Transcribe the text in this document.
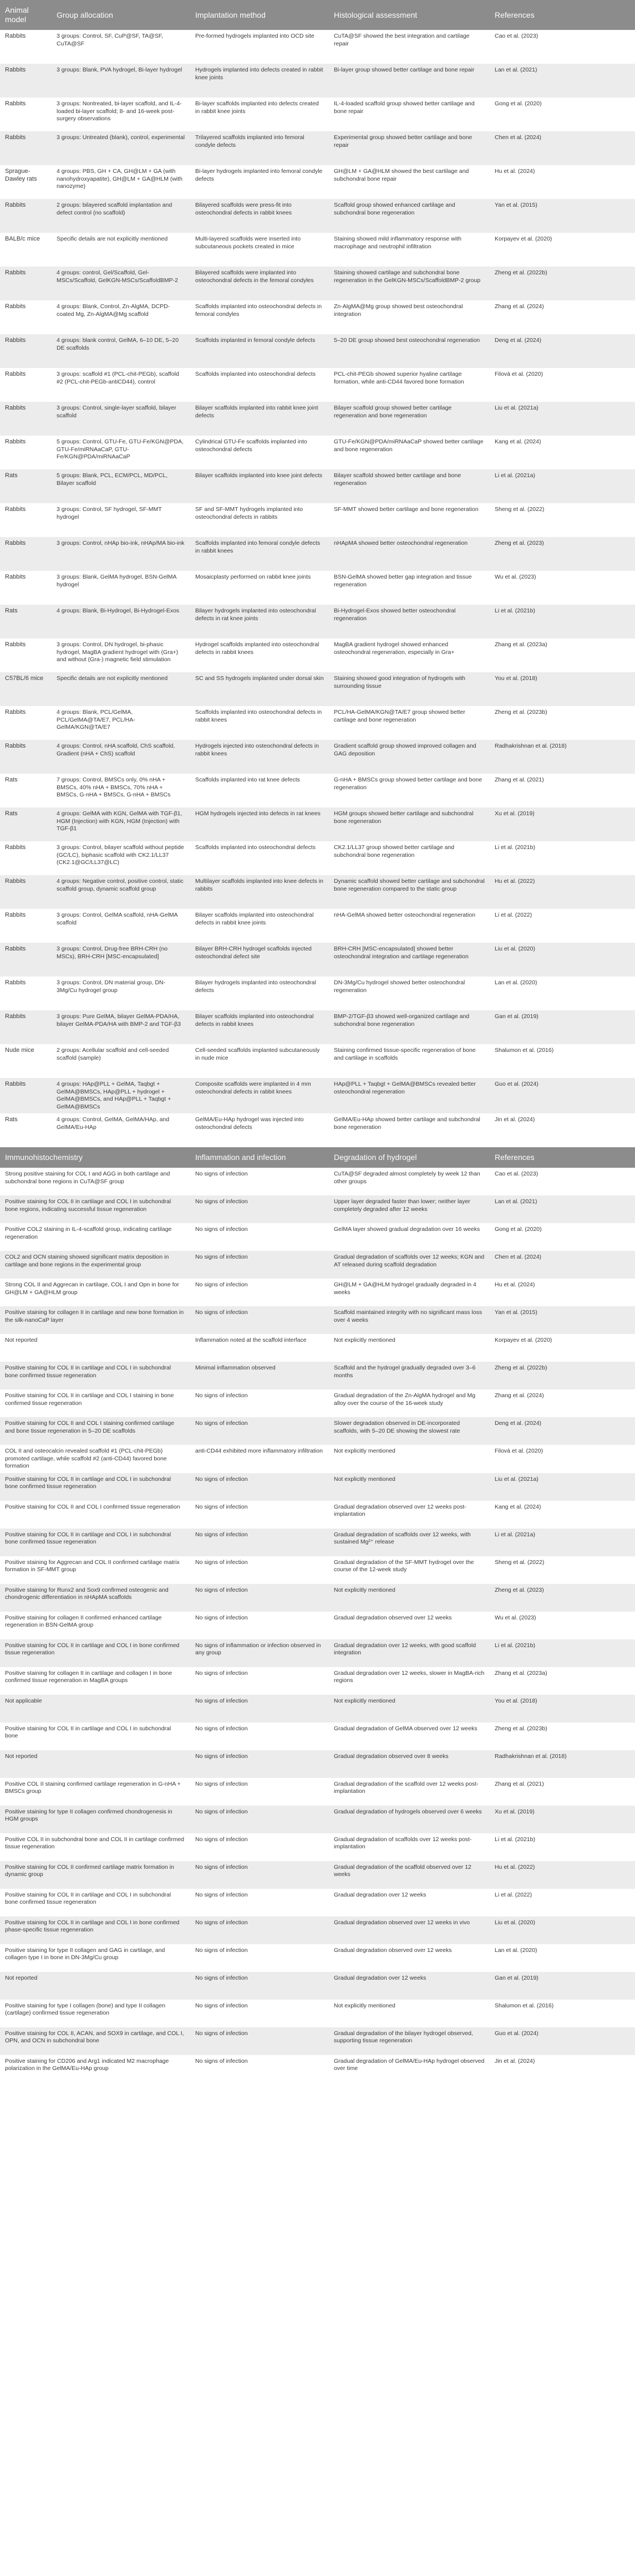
Animal model	Group allocation	Implantation method	Histological assessment	References
Rabbits	3 groups: Control, SF, CuP@SF, TA@SF, CuTA@SF	Pre-formed hydrogels implanted into OCD site	CuTA@SF showed the best integration and cartilage repair	Cao et al. (2023)
Rabbits	3 groups: Blank, PVA hydrogel, Bi-layer hydrogel	Hydrogels implanted into defects created in rabbit knee joints	Bi-layer group showed better cartilage and bone repair	Lan et al. (2021)
Rabbits	3 groups: Nontreated, bi-layer scaffold, and IL-4-loaded bi-layer scaffold; 8- and 16-week post-surgery observations	Bi-layer scaffolds implanted into defects created in rabbit knee joints	IL-4-loaded scaffold group showed better cartilage and bone repair	Gong et al. (2020)
Rabbits	3 groups: Untreated (blank), control, experimental	Trilayered scaffolds implanted into femoral condyle defects	Experimental group showed better cartilage and bone repair	Chen et al. (2024)
Sprague-Dawley rats	4 groups: PBS, GH + CA, GH@LM + GA (with nanohydroxyapatite), GH@LM + GA@HLM (with nanozyme)	Bi-layer hydrogels implanted into femoral condyle defects	GH@LM + GA@HLM showed the best cartilage and subchondral bone repair	Hu et al. (2024)
Rabbits	2 groups: bilayered scaffold implantation and defect control (no scaffold)	Bilayered scaffolds were press-fit into osteochondral defects in rabbit knees	Scaffold group showed enhanced cartilage and subchondral bone regeneration	Yan et al. (2015)
BALB/c mice	Specific details are not explicitly mentioned	Multi-layered scaffolds were inserted into subcutaneous pockets created in mice	Staining showed mild inflammatory response with macrophage and neutrophil infiltration	Korpayev et al. (2020)
Rabbits	4 groups: control, Gel/Scaffold, Gel-MSCs/Scaffold, GelKGN-MSCs/ScaffoldBMP-2	Bilayered scaffolds were implanted into osteochondral defects in the femoral condyles	Staining showed cartilage and subchondral bone regeneration in the GelKGN-MSCs/ScaffoldBMP-2 group	Zheng et al. (2022b)
Rabbits	4 groups: Blank, Control, Zn-AlgMA, DCPD-coated Mg, Zn-AlgMA@Mg scaffold	Scaffolds implanted into osteochondral defects in femoral condyles	Zn-AlgMA@Mg group showed best osteochondral integration	Zhang et al. (2024)
Rabbits	4 groups: blank control, GelMA, 6–10 DE, 5–20 DE scaffolds	Scaffolds implanted in femoral condyle defects	5–20 DE group showed best osteochondral regeneration	Deng et al. (2024)
Rabbits	3 groups: scaffold #1 (PCL-chit-PEGb), scaffold #2 (PCL-chit-PEGb-antiCD44), control	Scaffolds implanted into osteochondral defects	PCL-chit-PEGb showed superior hyaline cartilage formation, while anti-CD44 favored bone formation	Filová et al. (2020)
Rabbits	3 groups: Control, single-layer scaffold, bilayer scaffold	Bilayer scaffolds implanted into rabbit knee joint defects	Bilayer scaffold group showed better cartilage regeneration and bone regeneration	Liu et al. (2021a)
Rabbits	5 groups: Control, GTU-Fe, GTU-Fe/KGN@PDA, GTU-Fe/miRNAaCaP, GTU-Fe/KGN@PDA/miRNAaCaP	Cylindrical GTU-Fe scaffolds implanted into osteochondral defects	GTU-Fe/KGN@PDA/miRNAaCaP showed better cartilage and bone regeneration	Kang et al. (2024)
Rats	5 groups: Blank, PCL, ECM/PCL, MD/PCL, Bilayer scaffold	Bilayer scaffolds implanted into knee joint defects	Bilayer scaffold showed better cartilage and bone regeneration	Li et al. (2021a)
Rabbits	3 groups: Control, SF hydrogel, SF-MMT hydrogel	SF and SF-MMT hydrogels implanted into osteochondral defects in rabbits	SF-MMT showed better cartilage and bone regeneration	Sheng et al. (2022)
Rabbits	3 groups: Control, nHAp bio-ink, nHAp/MA bio-ink	Scaffolds implanted into femoral condyle defects in rabbit knees	nHApMA showed better osteochondral regeneration	Zheng et al. (2023)
Rabbits	3 groups: Blank, GelMA hydrogel, BSN-GelMA hydrogel	Mosaicplasty performed on rabbit knee joints	BSN-GelMA showed better gap integration and tissue regeneration	Wu et al. (2023)
Rats	4 groups: Blank, Bi-Hydrogel, Bi-Hydrogel-Exos	Bilayer hydrogels implanted into osteochondral defects in rat knee joints	Bi-Hydrogel-Exos showed better osteochondral regeneration	Li et al. (2021b)
Rabbits	3 groups: Control, DN hydrogel, bi-phasic hydrogel, MagBA gradient hydrogel with (Gra+) and without (Gra-) magnetic field stimulation	Hydrogel scaffolds implanted into osteochondral defects in rabbit knees	MagBA gradient hydrogel showed enhanced osteochondral regeneration, especially in Gra+	Zhang et al. (2023a)
C57BL/6 mice	Specific details are not explicitly mentioned	SC and SS hydrogels implanted under dorsal skin	Staining showed good integration of hydrogels with surrounding tissue	You et al. (2018)
Rabbits	4 groups: Blank, PCL/GelMA, PCL/GelMA@TA/E7, PCL/HA-GelMA/KGN@TA/E7	Scaffolds implanted into osteochondral defects in rabbit knees	PCL/HA-GelMA/KGN@TA/E7 group showed better cartilage and bone regeneration	Zheng et al. (2023b)
Rabbits	4 groups: Control, nHA scaffold, ChS scaffold, Gradient (nHA + ChS) scaffold	Hydrogels injected into osteochondral defects in rabbit knees	Gradient scaffold group showed improved collagen and GAG deposition	Radhakrishnan et al. (2018)
Rats	7 groups: Control, BMSCs only, 0% nHA + BMSCs, 40% nHA + BMSCs, 70% nHA + BMSCs, G-nHA + BMSCs, G-nHA + BMSCs	Scaffolds implanted into rat knee defects	G-nHA + BMSCs group showed better cartilage and bone regeneration	Zhang et al. (2021)
Rats	4 groups: GelMA with KGN, GelMA with TGF-β1, HGM (Injection) with KGN, HGM (Injection) with TGF-β1	HGM hydrogels injected into defects in rat knees	HGM groups showed better cartilage and subchondral bone regeneration	Xu et al. (2019)
Rabbits	3 groups: Control, bilayer scaffold without peptide (GC/LC), biphasic scaffold with CK2.1/LL37 (CK2.1@GC/LL37@LC)	Scaffolds implanted into osteochondral defects	CK2.1/LL37 group showed better cartilage and subchondral bone regeneration	Li et al. (2021b)
Rabbits	4 groups: Negative control, positive control, static scaffold group, dynamic scaffold group	Multilayer scaffolds implanted into knee defects in rabbits	Dynamic scaffold showed better cartilage and subchondral bone regeneration compared to the static group	Hu et al. (2022)
Rabbits	3 groups: Control, GelMA scaffold, nHA-GelMA scaffold	Bilayer scaffolds implanted into osteochondral defects in rabbit knee joints	nHA-GelMA showed better osteochondral regeneration	Li et al. (2022)
Rabbits	3 groups: Control, Drug-free BRH-CRH (no MSCs), BRH-CRH [MSC-encapsulated]	Bilayer BRH-CRH hydrogel scaffolds injected osteochondral defect site	BRH-CRH [MSC-encapsulated] showed better osteochondral integration and cartilage regeneration	Liu et al. (2020)
Rabbits	3 groups: Control, DN material group, DN-3Mg/Cu hydrogel group	Bilayer hydrogels implanted into osteochondral defects	DN-3Mg/Cu hydrogel showed better osteochondral regeneration	Lan et al. (2020)
Rabbits	3 groups: Pure GelMA, bilayer GelMA-PDA/HA, bilayer GelMA-PDA/HA with BMP-2 and TGF-β3	Bilayer scaffolds implanted into osteochondral defects in rabbit knees	BMP-2/TGF-β3 showed well-organized cartilage and subchondral bone regeneration	Gan et al. (2019)
Nude mice	2 groups: Acellular scaffold and cell-seeded scaffold (sample)	Cell-seeded scaffolds implanted subcutaneously in nude mice	Staining confirmed tissue-specific regeneration of bone and cartilage in scaffolds	Shalumon et al. (2016)
Rabbits	4 groups: HAp@PLL + GelMA, Taqbgt + GelMA@BMSCs, HAp@PLL + hydrogel + GelMA@BMSCs, and HAp@PLL + Taqbgt + GelMA@BMSCs	Composite scaffolds were implanted in 4 mm osteochondral defects in rabbit knees	HAp@PLL + Taqbgt + GelMA@BMSCs revealed better osteochondral regeneration	Guo et al. (2024)
Rats	4 groups: Control, GelMA, GelMA/HAp, and GelMA/Eu-HAp	GelMA/Eu-HAp hydrogel was injected into osteochondral defects	GelMA/Eu-HAp showed better cartilage and subchondral bone regeneration	Jin et al. (2024)
Immunohistochemistry	Inflammation and infection	Degradation of hydrogel	References
Strong positive staining for COL I and AGG in both cartilage and subchondral bone regions in CuTA@SF group	No signs of infection	CuTA@SF degraded almost completely by week 12 than other groups	Cao et al. (2023)
Positive staining for COL II in cartilage and COL I in subchondral bone regions, indicating successful tissue regeneration	No signs of infection	Upper layer degraded faster than lower; neither layer completely degraded after 12 weeks	Lan et al. (2021)
Positive COL2 staining in IL-4-scaffold group, indicating cartilage regeneration	No signs of infection	GelMA layer showed gradual degradation over 16 weeks	Gong et al. (2020)
COL2 and OCN staining showed significant matrix deposition in cartilage and bone regions in the experimental group	No signs of infection	Gradual degradation of scaffolds over 12 weeks; KGN and AT released during scaffold degradation	Chen et al. (2024)
Strong COL II and Aggrecan in cartilage, COL I and Opn in bone for GH@LM + GA@HLM group	No signs of infection	GH@LM + GA@HLM hydrogel gradually degraded in 4 weeks	Hu et al. (2024)
Positive staining for collagen II in cartilage and new bone formation in the silk-nanoCaP layer	No signs of infection	Scaffold maintained integrity with no significant mass loss over 4 weeks	Yan et al. (2015)
Not reported	Inflammation noted at the scaffold interface	Not explicitly mentioned	Korpayev et al. (2020)
Positive staining for COL II in cartilage and COL I in subchondral bone confirmed tissue regeneration	Minimal inflammation observed	Scaffold and the hydrogel gradually degraded over 3–6 months	Zheng et al. (2022b)
Positive staining for COL II in cartilage and COL I staining in bone confirmed tissue regeneration	No signs of infection	Gradual degradation of the Zn-AlgMA hydrogel and Mg alloy over the course of the 16-week study	Zhang et al. (2024)
Positive staining for COL II and COL I staining confirmed cartilage and bone tissue regeneration in 5–20 DE scaffolds	No signs of infection	Slower degradation observed in DE-incorporated scaffolds, with 5–20 DE showing the slowest rate	Deng et al. (2024)
COL II and osteocalcin revealed scaffold #1 (PCL-chit-PEGb) promoted cartilage, while scaffold #2 (anti-CD44) favored bone formation	anti-CD44 exhibited more inflammatory infiltration	Not explicitly mentioned	Filová et al. (2020)
Positive staining for COL II in cartilage and COL I in subchondral bone confirmed tissue regeneration	No signs of infection	Not explicitly mentioned	Liu et al. (2021a)
Positive staining for COL II and COL I confirmed tissue regeneration	No signs of infection	Gradual degradation observed over 12 weeks post-implantation	Kang et al. (2024)
Positive staining for COL II in cartilage and COL I in subchondral bone confirmed tissue regeneration	No signs of infection	Gradual degradation of scaffolds over 12 weeks, with sustained Mg²⁺ release	Li et al. (2021a)
Positive staining for Aggrecan and COL II confirmed cartilage matrix formation in SF-MMT group	No signs of infection	Gradual degradation of the SF-MMT hydrogel over the course of the 12-week study	Sheng et al. (2022)
Positive staining for Runx2 and Sox9 confirmed osteogenic and chondrogenic differentiation in nHApMA scaffolds	No signs of infection	Not explicitly mentioned	Zheng et al. (2023)
Positive staining for collagen II confirmed enhanced cartilage regeneration in BSN-GelMA group	No signs of infection	Gradual degradation observed over 12 weeks	Wu et al. (2023)
Positive staining for COL II in cartilage and COL I in bone confirmed tissue regeneration	No signs of inflammation or infection observed in any group	Gradual degradation over 12 weeks, with good scaffold integration	Li et al. (2021b)
Positive staining for collagen II in cartilage and collagen I in bone confirmed tissue regeneration in MagBA groups	No signs of infection	Gradual degradation over 12 weeks, slower in MagBA-rich regions	Zhang et al. (2023a)
Not applicable	No signs of infection	Not explicitly mentioned	You et al. (2018)
Positive staining for COL II in cartilage and COL I in subchondral bone	No signs of infection	Gradual degradation of GelMA observed over 12 weeks	Zheng et al. (2023b)
Not reported	No signs of infection	Gradual degradation observed over 8 weeks	Radhakrishnan et al. (2018)
Positive COL II staining confirmed cartilage regeneration in G-nHA + BMSCs group	No signs of infection	Gradual degradation of the scaffold over 12 weeks post-implantation	Zhang et al. (2021)
Positive staining for type II collagen confirmed chondrogenesis in HGM groups	No signs of infection	Gradual degradation of hydrogels observed over 6 weeks	Xu et al. (2019)
Positive COL II in subchondral bone and COL II in cartilage confirmed tissue regeneration	No signs of infection	Gradual degradation of scaffolds over 12 weeks post-implantation	Li et al. (2021b)
Positive staining for COL II confirmed cartilage matrix formation in dynamic group	No signs of infection	Gradual degradation of the scaffold observed over 12 weeks	Hu et al. (2022)
Positive staining for COL II in cartilage and COL I in subchondral bone confirmed tissue regeneration	No signs of infection	Gradual degradation over 12 weeks	Li et al. (2022)
Positive staining for COL II in cartilage and COL I in bone confirmed phase-specific tissue regeneration	No signs of infection	Gradual degradation observed over 12 weeks in vivo	Liu et al. (2020)
Positive staining for type II collagen and GAG in cartilage, and collagen type I in bone in DN-3Mg/Cu group	No signs of infection	Gradual degradation observed over 12 weeks	Lan et al. (2020)
Not reported	No signs of infection	Gradual degradation over 12 weeks	Gan et al. (2019)
Positive staining for type I collagen (bone) and type II collagen (cartilage) confirmed tissue regeneration	No signs of infection	Not explicitly mentioned	Shalumon et al. (2016)
Positive staining for COL II, ACAN, and SOX9 in cartilage, and COL I, OPN, and OCN in subchondral bone	No signs of infection	Gradual degradation of the bilayer hydrogel observed, supporting tissue regeneration	Guo et al. (2024)
Positive staining for CD206 and Arg1 indicated M2 macrophage polarization in the GelMA/Eu-HAp group	No signs of infection	Gradual degradation of GelMA/Eu-HAp hydrogel observed over time	Jin et al. (2024)
